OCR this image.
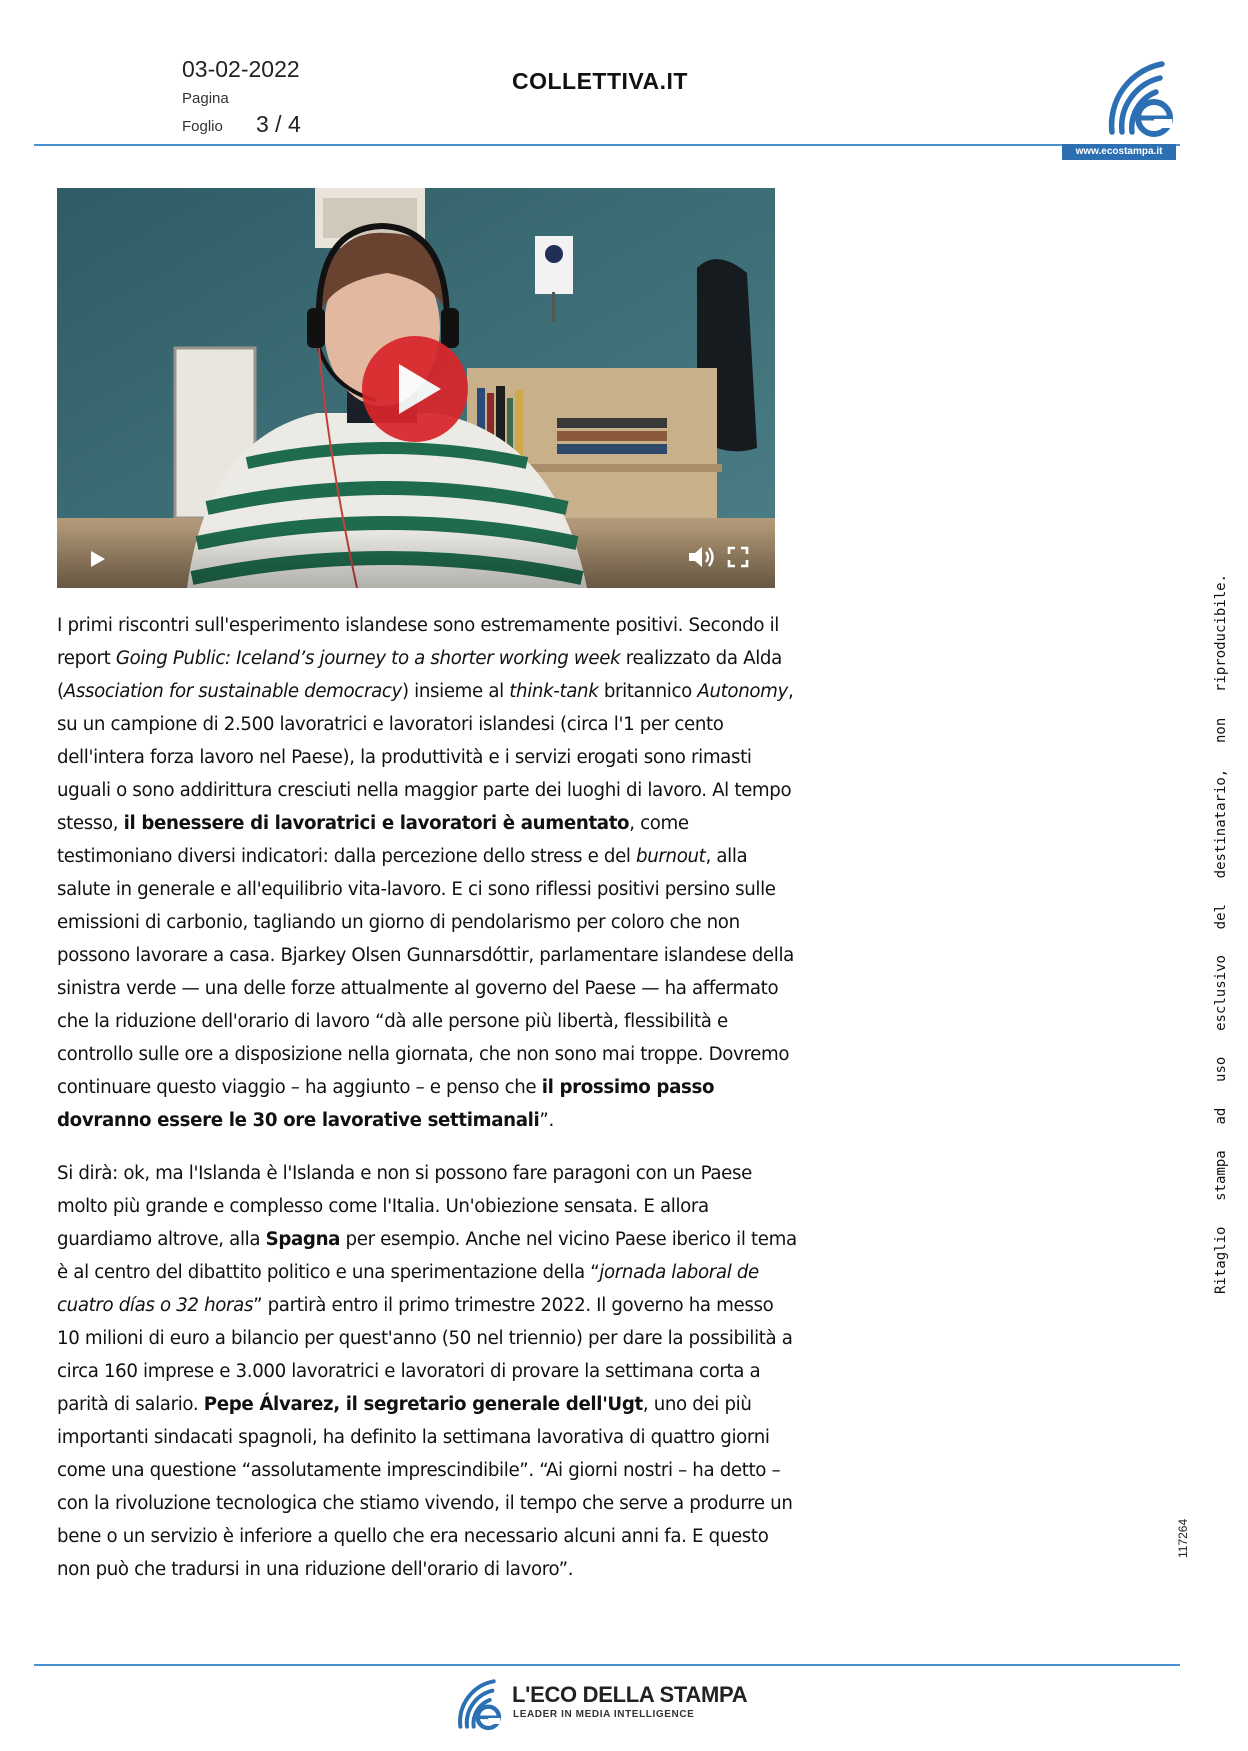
03-02-2022
Pagina
Foglio 3 / 4
COLLETTIVA.IT
www.ecostampa.it

I primi riscontri sull'esperimento islandese sono estremamente positivi. Secondo il report Going Public: Iceland’s journey to a shorter working week realizzato da Alda (Association for sustainable democracy) insieme al think-tank britannico Autonomy, su un campione di 2.500 lavoratrici e lavoratori islandesi (circa l'1 per cento dell'intera forza lavoro nel Paese), la produttività e i servizi erogati sono rimasti uguali o sono addirittura cresciuti nella maggior parte dei luoghi di lavoro. Al tempo stesso, il benessere di lavoratrici e lavoratori è aumentato, come testimoniano diversi indicatori: dalla percezione dello stress e del burnout, alla salute in generale e all'equilibrio vita-lavoro. E ci sono riflessi positivi persino sulle emissioni di carbonio, tagliando un giorno di pendolarismo per coloro che non possono lavorare a casa. Bjarkey Olsen Gunnarsdóttir, parlamentare islandese della sinistra verde — una delle forze attualmente al governo del Paese — ha affermato che la riduzione dell'orario di lavoro “dà alle persone più libertà, flessibilità e controllo sulle ore a disposizione nella giornata, che non sono mai troppe. Dovremo continuare questo viaggio – ha aggiunto – e penso che il prossimo passo dovranno essere le 30 ore lavorative settimanali”.

Si dirà: ok, ma l'Islanda è l'Islanda e non si possono fare paragoni con un Paese molto più grande e complesso come l'Italia. Un'obiezione sensata. E allora guardiamo altrove, alla Spagna per esempio. Anche nel vicino Paese iberico il tema è al centro del dibattito politico e una sperimentazione della “jornada laboral de cuatro días o 32 horas” partirà entro il primo trimestre 2022. Il governo ha messo 10 milioni di euro a bilancio per quest'anno (50 nel triennio) per dare la possibilità a circa 160 imprese e 3.000 lavoratrici e lavoratori di provare la settimana corta a parità di salario. Pepe Álvarez, il segretario generale dell'Ugt, uno dei più importanti sindacati spagnoli, ha definito la settimana lavorativa di quattro giorni come una questione “assolutamente imprescindibile”. “Ai giorni nostri – ha detto – con la rivoluzione tecnologica che stiamo vivendo, il tempo che serve a produrre un bene o un servizio è inferiore a quello che era necessario alcuni anni fa. E questo non può che tradursi in una riduzione dell'orario di lavoro”.

Ritaglio stampa ad uso esclusivo del destinatario, non riproducibile.
117264
L'ECO DELLA STAMPA
LEADER IN MEDIA INTELLIGENCE
